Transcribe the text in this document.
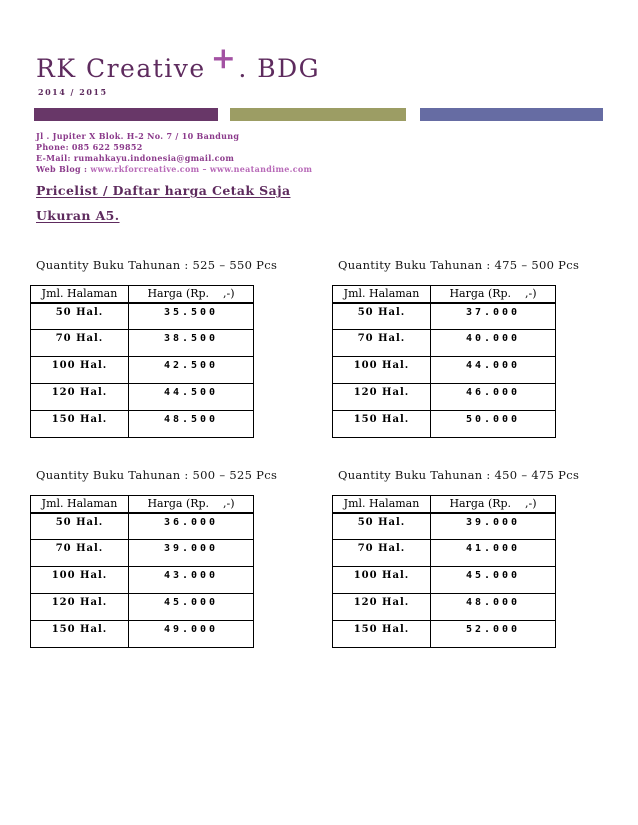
RK Creative +. BDG
2014 / 2015
Jl . Jupiter X Blok. H-2 No. 7 / 10 Bandung
Phone: 085 622 59852
E-Mail: rumahkayu.indonesia@gmail.com
Web Blog : www.rkforcreative.com – www.neatandime.com
Pricelist / Daftar harga Cetak Saja
Ukuran A5.
Quantity Buku Tahunan : 525 – 550 Pcs
Jml. Halaman	Harga (Rp.    ,-)
50 Hal.	35.500
70 Hal.	38.500
100 Hal.	42.500
120 Hal.	44.500
150 Hal.	48.500
Quantity Buku Tahunan : 475 – 500 Pcs
Jml. Halaman	Harga (Rp.    ,-)
50 Hal.	37.000
70 Hal.	40.000
100 Hal.	44.000
120 Hal.	46.000
150 Hal.	50.000
Quantity Buku Tahunan : 500 – 525 Pcs
Jml. Halaman	Harga (Rp.    ,-)
50 Hal.	36.000
70 Hal.	39.000
100 Hal.	43.000
120 Hal.	45.000
150 Hal.	49.000
Quantity Buku Tahunan : 450 – 475 Pcs
Jml. Halaman	Harga (Rp.    ,-)
50 Hal.	39.000
70 Hal.	41.000
100 Hal.	45.000
120 Hal.	48.000
150 Hal.	52.000
